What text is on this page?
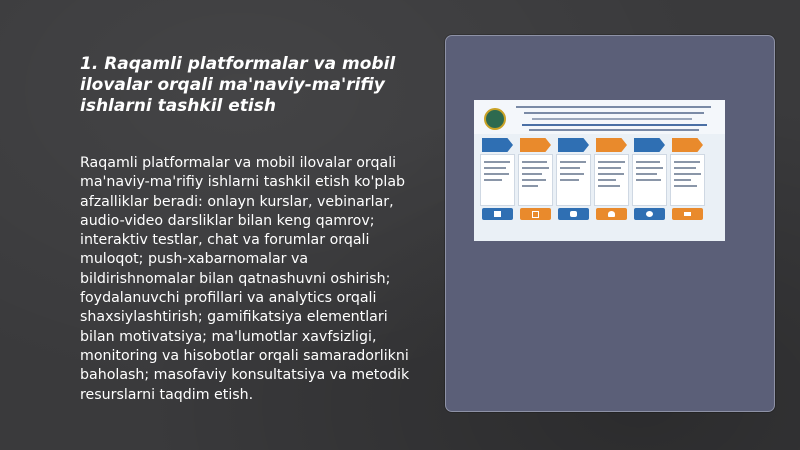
1. Raqamli platformalar va mobil ilovalar orqali ma'naviy-ma'rifiy ishlarni tashkil etish

Raqamli platformalar va mobil ilovalar orqali ma'naviy-ma'rifiy ishlarni tashkil etish ko'plab afzalliklar beradi: onlayn kurslar, vebinarlar, audio-video darsliklar bilan keng qamrov; interaktiv testlar, chat va forumlar orqali muloqot; push-xabarnomalar va bildirishnomalar bilan qatnashuvni oshirish; foydalanuvchi profillari va analytics orqali shaxsiylashtirish; gamifikatsiya elementlari bilan motivatsiya; ma'lumotlar xavfsizligi, monitoring va hisobotlar orqali samaradorlikni baholash; masofaviy konsultatsiya va metodik resurslarni taqdim etish.
